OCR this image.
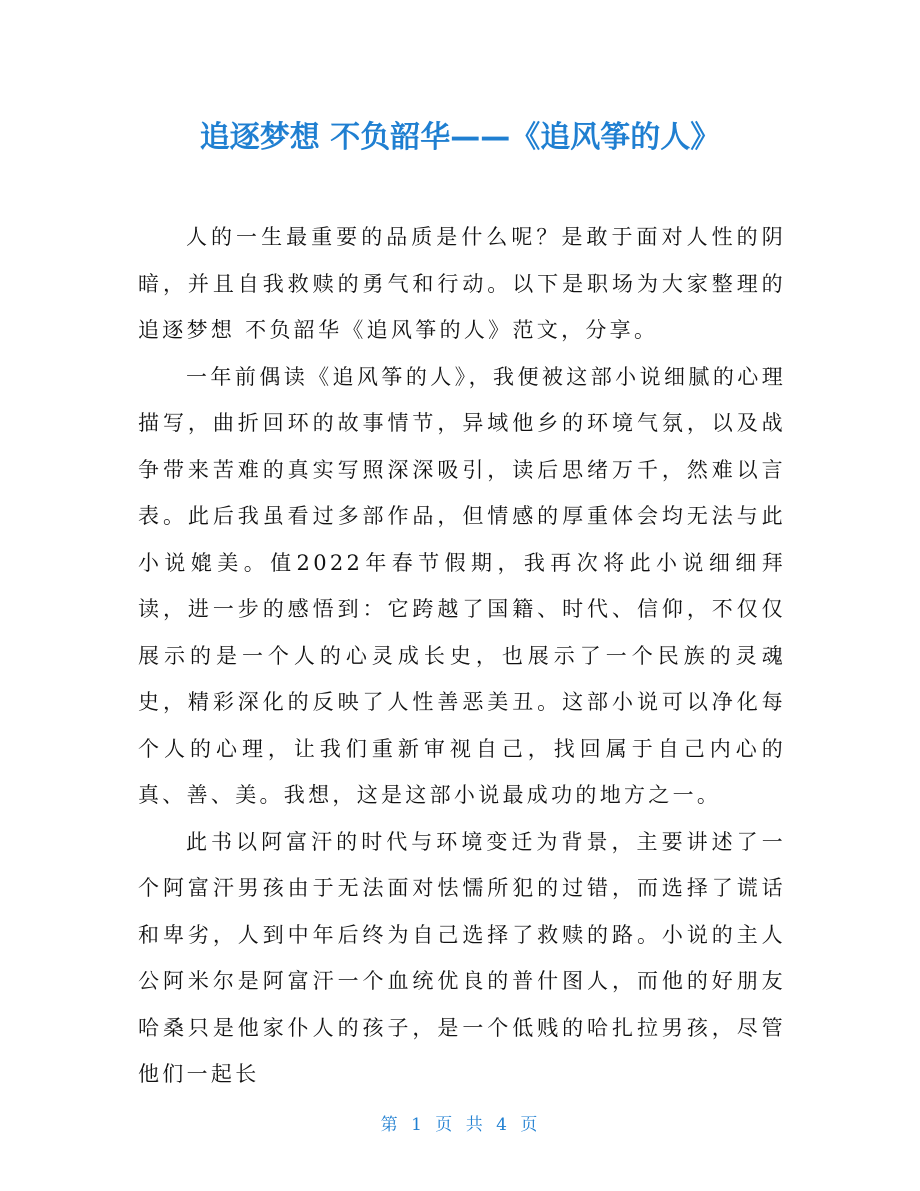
追逐梦想 不负韶华——《追风筝的人》

人的一生最重要的品质是什么呢？是敢于面对人性的阴暗，并且自我救赎的勇气和行动。以下是职场为大家整理的追逐梦想 不负韶华《追风筝的人》范文，分享。

一年前偶读《追风筝的人》，我便被这部小说细腻的心理描写，曲折回环的故事情节，异域他乡的环境气氛，以及战争带来苦难的真实写照深深吸引，读后思绪万千，然难以言表。此后我虽看过多部作品，但情感的厚重体会均无法与此小说媲美。值2022年春节假期，我再次将此小说细细拜读，进一步的感悟到：它跨越了国籍、时代、信仰，不仅仅展示的是一个人的心灵成长史，也展示了一个民族的灵魂史，精彩深化的反映了人性善恶美丑。这部小说可以净化每个人的心理，让我们重新审视自己，找回属于自己内心的真、善、美。我想，这是这部小说最成功的地方之一。

此书以阿富汗的时代与环境变迁为背景，主要讲述了一个阿富汗男孩由于无法面对怯懦所犯的过错，而选择了谎话和卑劣，人到中年后终为自己选择了救赎的路。小说的主人公阿米尔是阿富汗一个血统优良的普什图人，而他的好朋友哈桑只是他家仆人的孩子，是一个低贱的哈扎拉男孩，尽管他们一起长

第 1 页 共 4 页
